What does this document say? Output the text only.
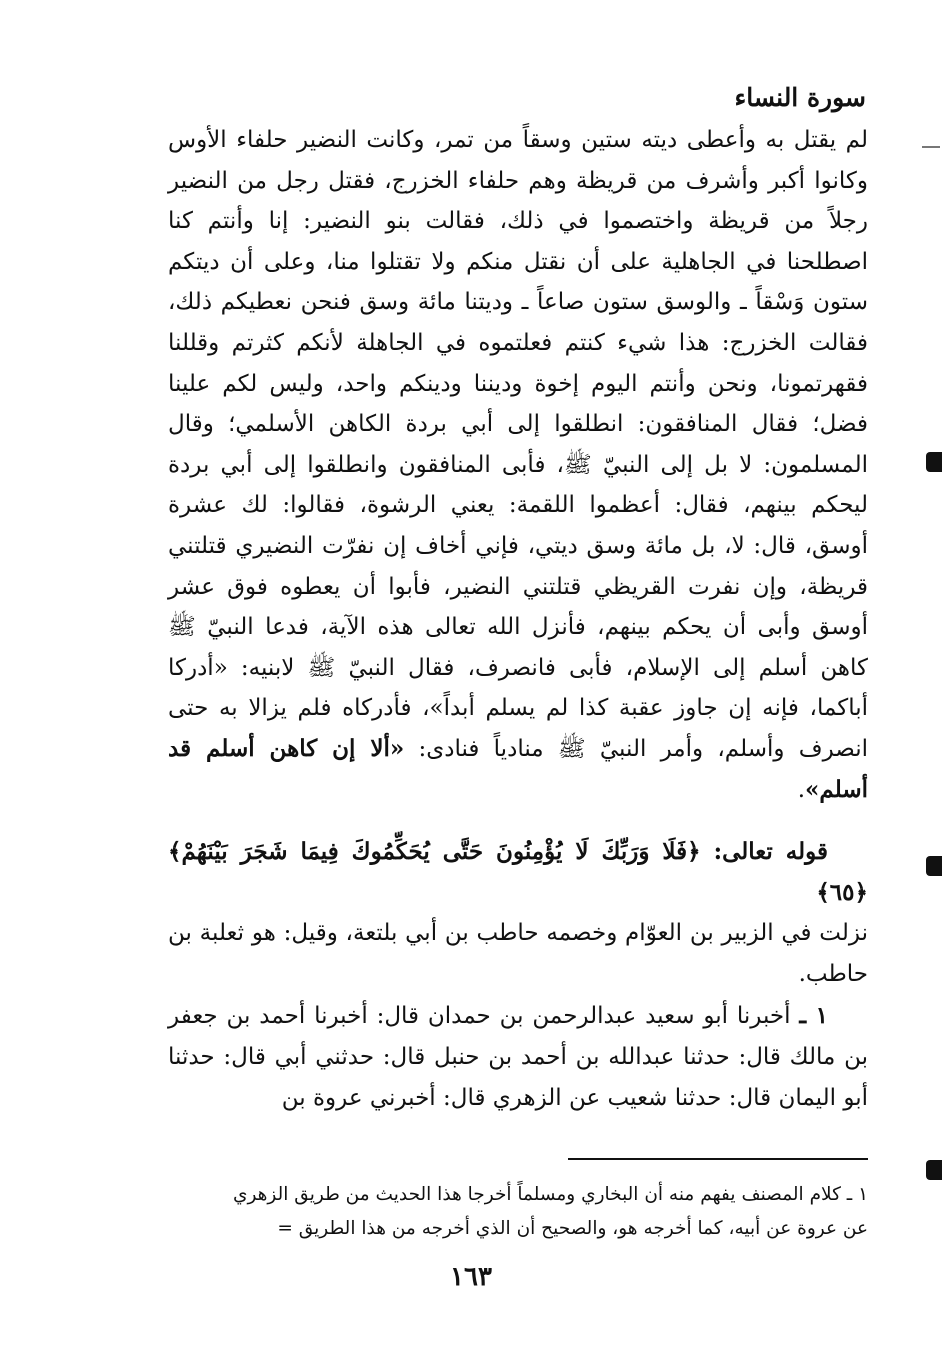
سورة النساء

لم يقتل به وأعطى ديته ستين وسقاً من تمر، وكانت النضير حلفاء الأوس وكانوا أكبر وأشرف من قريظة وهم حلفاء الخزرج، فقتل رجل من النضير رجلاً من قريظة واختصموا في ذلك، فقالت بنو النضير: إنا وأنتم كنا اصطلحنا في الجاهلية على أن نقتل منكم ولا تقتلوا منا، وعلى أن ديتكم ستون وَسْقاً ـ والوسق ستون صاعاً ـ وديتنا مائة وسق فنحن نعطيكم ذلك، فقالت الخزرج: هذا شيء كنتم فعلتموه في الجاهلة لأنكم كثرتم وقللنا فقهرتمونا، ونحن وأنتم اليوم إخوة وديننا ودينكم واحد، وليس لكم علينا فضل؛ فقال المنافقون: انطلقوا إلى أبي بردة الكاهن الأسلمي؛ وقال المسلمون: لا بل إلى النبيّ ﷺ، فأبى المنافقون وانطلقوا إلى أبي بردة ليحكم بينهم، فقال: أعظموا اللقمة: يعني الرشوة، فقالوا: لك عشرة أوسق، قال: لا، بل مائة وسق ديتي، فإني أخاف إن نفرّت النضيري قتلتني قريظة، وإن نفرت القريظي قتلتني النضير، فأبوا أن يعطوه فوق عشر أوسق وأبى أن يحكم بينهم، فأنزل الله تعالى هذه الآية، فدعا النبيّ ﷺ كاهن أسلم إلى الإسلام، فأبى فانصرف، فقال النبيّ ﷺ لابنيه: «أدركا أباكما، فإنه إن جاوز عقبة كذا لم يسلم أبداً»، فأدركاه فلم يزالا به حتى انصرف وأسلم، وأمر النبيّ ﷺ منادياً فنادى: «ألا إن كاهن أسلم قد أسلم».

قوله تعالى: ﴿فَلَا وَرَبِّكَ لَا يُؤْمِنُونَ حَتَّى يُحَكِّمُوكَ فِيمَا شَجَرَ بَيْنَهُمْ﴾ ﴿٦٥﴾

نزلت في الزبير بن العوّام وخصمه حاطب بن أبي بلتعة، وقيل: هو ثعلبة بن حاطب.

١ ـ أخبرنا أبو سعيد عبدالرحمن بن حمدان قال: أخبرنا أحمد بن جعفر بن مالك قال: حدثنا عبدالله بن أحمد بن حنبل قال: حدثني أبي قال: حدثنا أبو اليمان قال: حدثنا شعيب عن الزهري قال: أخبرني عروة بن

١ ـ كلام المصنف يفهم منه أن البخاري ومسلماً أخرجا هذا الحديث من طريق الزهري

عن عروة عن أبيه، كما أخرجه هو، والصحيح أن الذي أخرجه من هذا الطريق =

١٦٣
